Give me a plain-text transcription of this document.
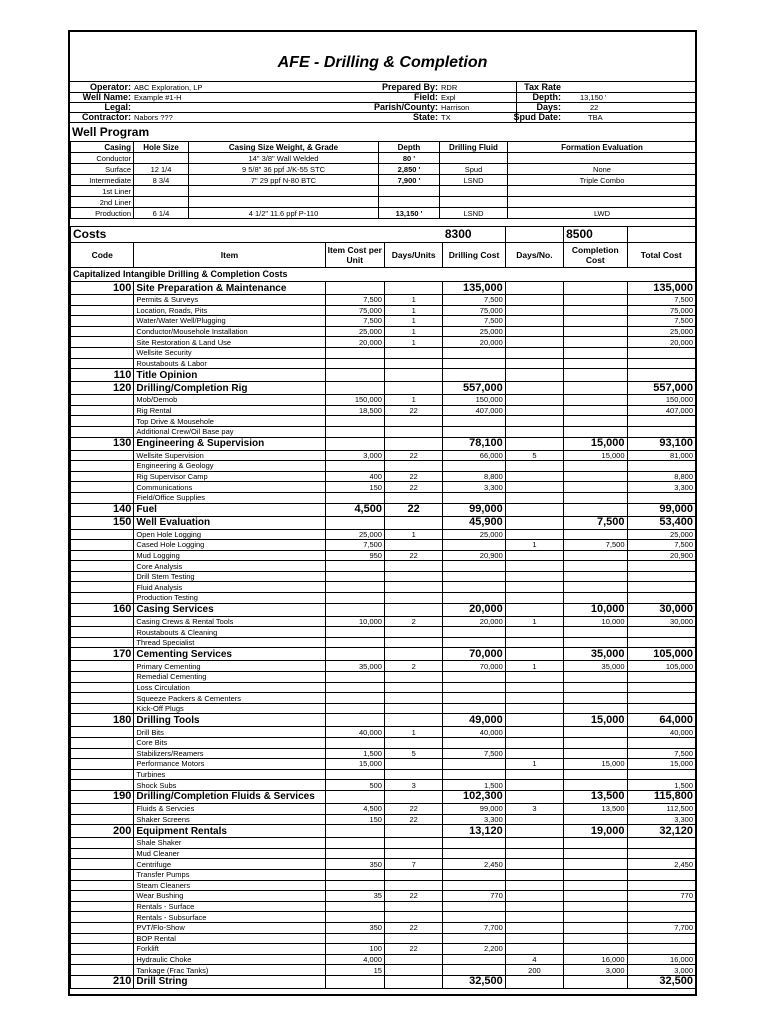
AFE - Drilling & Completion
Operator: ABC Exploration, LP
Well Name: Example #1-H
Legal:
Contractor: Nabors ???
Prepared By: RDR
Field: Expl
Parish/County: Harrison
State: TX
Tax Rate
Depth:	13,150 '
Days:	22
Spud Date:	TBA
Well Program
Casing	Hole Size	Casing Size Weight, & Grade	Depth	Drilling Fluid	Formation Evaluation
Conductor		14" 3/8" Wall Welded	80 '		
Surface	12 1/4	9 5/8" 36 ppf J/K-55 STC	2,850 '	Spud	None
Intermediate	8 3/4	7" 29 ppf N-80 BTC	7,900 '	LSND	Triple Combo
1st Liner					
2nd Liner					
Production	6 1/4	4 1/2" 11.6 ppf P-110	13,150 '	LSND	LWD
Costs				8300		8500	
Code	Item	Item Cost per Unit	Days/Units	Drilling Cost	Days/No.	Completion Cost	Total Cost
Capitalized Intangible Drilling & Completion Costs							
100	Site Preparation & Maintenance			135,000			135,000
	Permits & Surveys	7,500	1	7,500			7,500
	Location, Roads, Pits	75,000	1	75,000			75,000
	Water/Water Well/Plugging	7,500	1	7,500			7,500
	Conductor/Mousehole Installation	25,000	1	25,000			25,000
	Site Restoration & Land Use	20,000	1	20,000			20,000
	Wellsite Security						
	Roustabouts & Labor						
110	Title Opinion						
120	Drilling/Completion Rig			557,000			557,000
	Mob/Demob	150,000	1	150,000			150,000
	Rig Rental	18,500	22	407,000			407,000
	Top Drive & Mousehole						
	Additional Crew/Oil Base pay						
130	Engineering & Supervision			78,100		15,000	93,100
	Wellsite Supervision	3,000	22	66,000	5	15,000	81,000
	Engineering & Geology						
	Rig Supervisor Camp	400	22	8,800			8,800
	Communications	150	22	3,300			3,300
	Field/Office Supplies						
140	Fuel	4,500	22	99,000			99,000
150	Well Evaluation			45,900		7,500	53,400
	Open Hole Logging	25,000	1	25,000			25,000
	Cased Hole Logging	7,500			1	7,500	7,500
	Mud Logging	950	22	20,900			20,900
	Core Analysis						
	Drill Stem Testing						
	Fluid Analysis						
	Production Testing						
160	Casing Services			20,000		10,000	30,000
	Casing Crews & Rental Tools	10,000	2	20,000	1	10,000	30,000
	Roustabouts & Cleaning						
	Thread Specialist						
170	Cementing Services			70,000		35,000	105,000
	Primary Cementing	35,000	2	70,000	1	35,000	105,000
	Remedial Cementing						
	Loss Circulation						
	Squeeze Packers & Cementers						
	Kick-Off Plugs						
180	Drilling Tools			49,000		15,000	64,000
	Drill Bits	40,000	1	40,000			40,000
	Core Bits						
	Stabilizers/Reamers	1,500	5	7,500			7,500
	Performance Motors	15,000			1	15,000	15,000
	Turbines						
	Shock Subs	500	3	1,500			1,500
190	Drilling/Completion Fluids & Services			102,300		13,500	115,800
	Fluids & Servcies	4,500	22	99,000	3	13,500	112,500
	Shaker Screens	150	22	3,300			3,300
200	Equipment Rentals			13,120		19,000	32,120
	Shale Shaker						
	Mud Cleaner						
	Centrifuge	350	7	2,450			2,450
	Transfer Pumps						
	Steam Cleaners						
	Wear Bushing	35	22	770			770
	Rentals - Surface						
	Rentals - Subsurface						
	PVT/Flo-Show	350	22	7,700			7,700
	BOP Rental						
	Forklift	100	22	2,200			
	Hydraulic Choke	4,000			4	16,000	16,000
	Tankage (Frac Tanks)	15			200	3,000	3,000
210	Drill String			32,500			32,500
